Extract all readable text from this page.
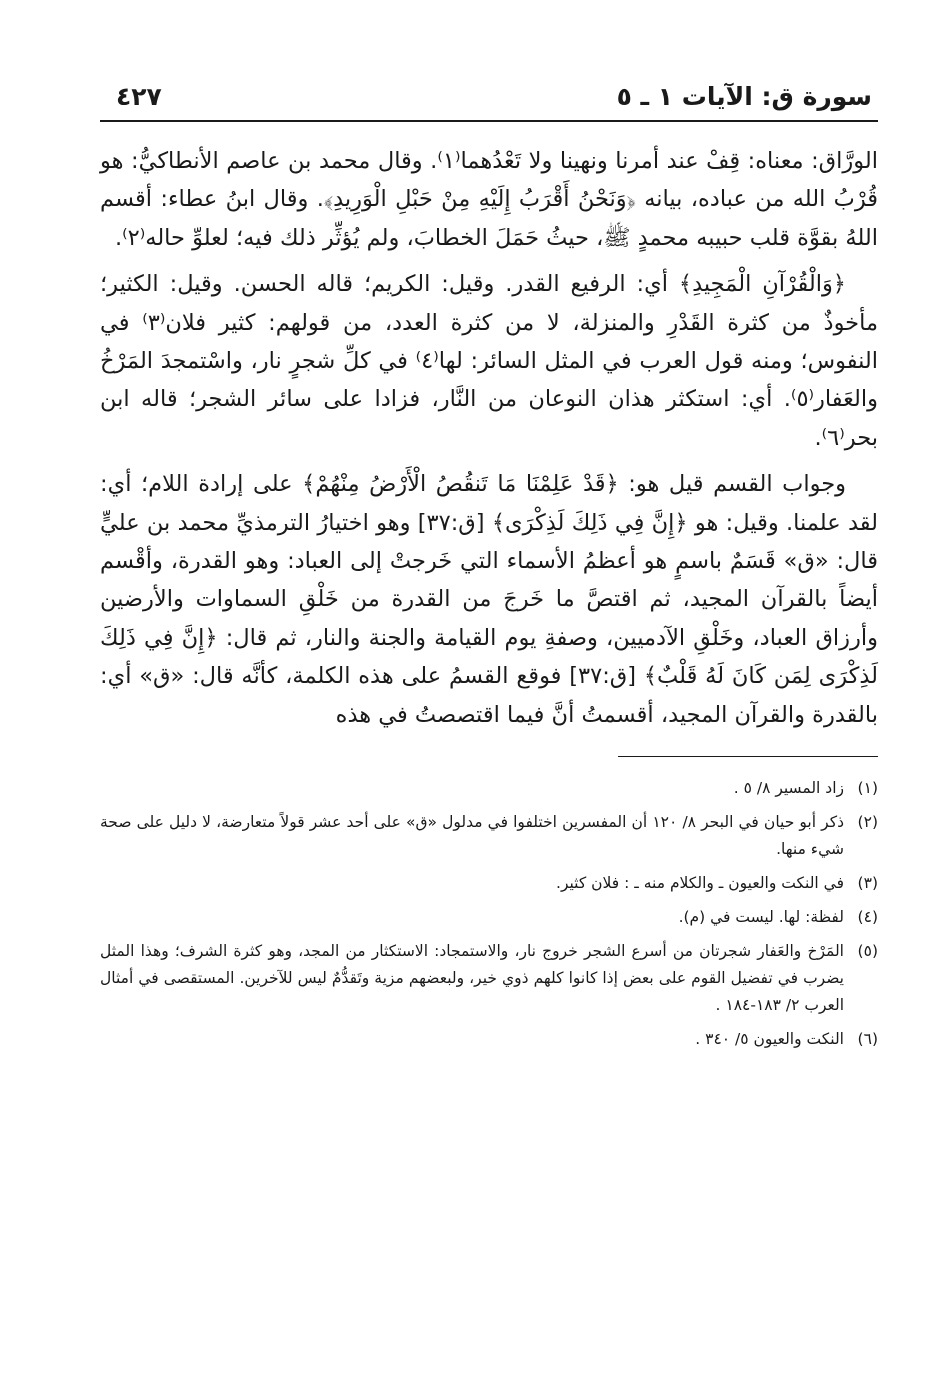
سورة ق: الآيات ١ ـ ٥
٤٢٧

الورَّاق: معناه: قِفْ عند أمرنا ونهينا ولا تَعْدُهما⁽١⁾. وقال محمد بن عاصم الأنطاكيُّ: هو قُرْبُ الله من عباده، بيانه ﴿وَنَحْنُ أَقْرَبُ إِلَيْهِ مِنْ حَبْلِ الْوَرِيدِ﴾. وقال ابنُ عطاء: أقسم اللهُ بقوَّة قلب حبيبه محمدٍ ﷺ، حيثُ حَمَلَ الخطابَ، ولم يُؤثِّر ذلك فيه؛ لعلوِّ حاله⁽٢⁾.

﴿وَالْقُرْآنِ الْمَجِيدِ﴾ أي: الرفيع القدر. وقيل: الكريم؛ قاله الحسن. وقيل: الكثير؛ مأخوذٌ من كثرة القَدْرِ والمنزلة، لا من كثرة العدد، من قولهم: كثير فلان⁽٣⁾ في النفوس؛ ومنه قول العرب في المثل السائر: لها⁽٤⁾ في كلِّ شجرٍ نار، واسْتمجدَ المَرْخُ والعَفار⁽٥⁾. أي: استكثر هذان النوعان من النَّار، فزادا على سائر الشجر؛ قاله ابن بحر⁽٦⁾.

وجواب القسم قيل هو: ﴿قَدْ عَلِمْنَا مَا تَنقُصُ الْأَرْضُ مِنْهُمْ﴾ على إرادة اللام؛ أي: لقد علمنا. وقيل: هو ﴿إِنَّ فِي ذَلِكَ لَذِكْرَى﴾ [ق:٣٧] وهو اختيارُ الترمذيِّ محمد بن عليٍّ قال: «ق» قَسَمٌ باسمٍ هو أعظمُ الأسماء التي خَرجتْ إلى العباد: وهو القدرة، وأقْسم أيضاً بالقرآن المجيد، ثم اقتصَّ ما خَرجَ من القدرة من خَلْقِ السماوات والأرضين وأرزاق العباد، وخَلْقِ الآدميين، وصفةِ يوم القيامة والجنة والنار، ثم قال: ﴿إِنَّ فِي ذَلِكَ لَذِكْرَى لِمَن كَانَ لَهُ قَلْبٌ﴾ [ق:٣٧] فوقع القسمُ على هذه الكلمة، كأنَّه قال: «ق» أي: بالقدرة والقرآن المجيد، أقسمتُ أنَّ فيما اقتصصتُ في هذه

(١)
زاد المسير ٨/ ٥ .
(٢)
ذكر أبو حيان في البحر ٨/ ١٢٠ أن المفسرين اختلفوا في مدلول «ق» على أحد عشر قولاً متعارضة، لا دليل على صحة شيء منها.
(٣)
في النكت والعيون ـ والكلام منه ـ : فلان كثير.
(٤)
لفظة: لها. ليست في (م).
(٥)
المَرْخ والعَفار شجرتان من أسرع الشجر خروج نار، والاستمجاد: الاستكثار من المجد، وهو كثرة الشرف؛ وهذا المثل يضرب في تفضيل القوم على بعض إذا كانوا كلهم ذوي خير، ولبعضهم مزية وتَقدُّمٌ ليس للآخرين. المستقصى في أمثال العرب ٢/ ١٨٣-١٨٤ .
(٦)
النكت والعيون ٥/ ٣٤٠ .
